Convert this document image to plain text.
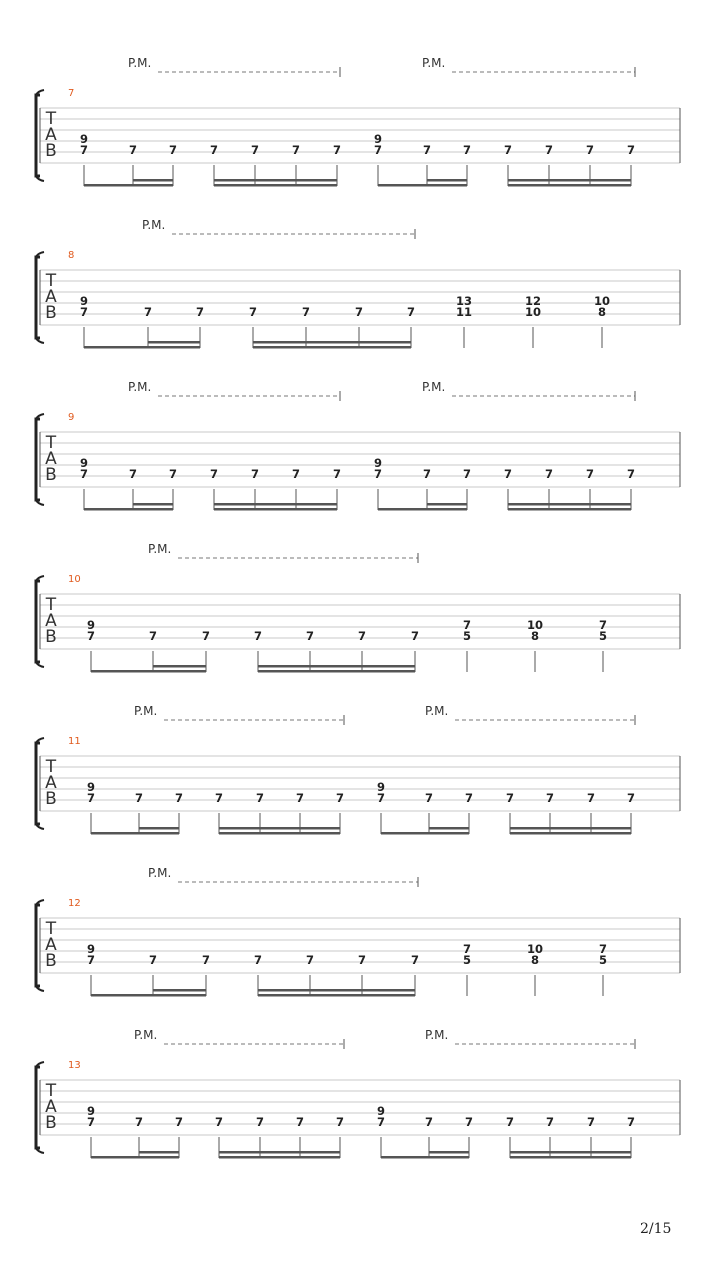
T
A
B
7
P.M.	P.M.
9
7	7	7	7	7	7	7
9
7	7	7	7	7	7	7
T
A
B
8
P.M.
9
7	7	7	7	7	7	7
13
11
12
10
10
8
T
A
B
9
P.M.	P.M.
9
7	7	7	7	7	7	7
9
7	7	7	7	7	7	7
T
A
B
10
P.M.
9
7	7	7	7	7	7	7
7
5
10
8
7
5
T
A
B
11
P.M.	P.M.
9
7	7	7	7	7	7	7
9
7	7	7	7	7	7	7
T
A
B
12
P.M.
9
7	7	7	7	7	7	7
7
5
10
8
7
5
T
A
B
13
P.M.	P.M.
9
7	7	7	7	7	7	7
9
7	7	7	7	7	7	7
2/15
